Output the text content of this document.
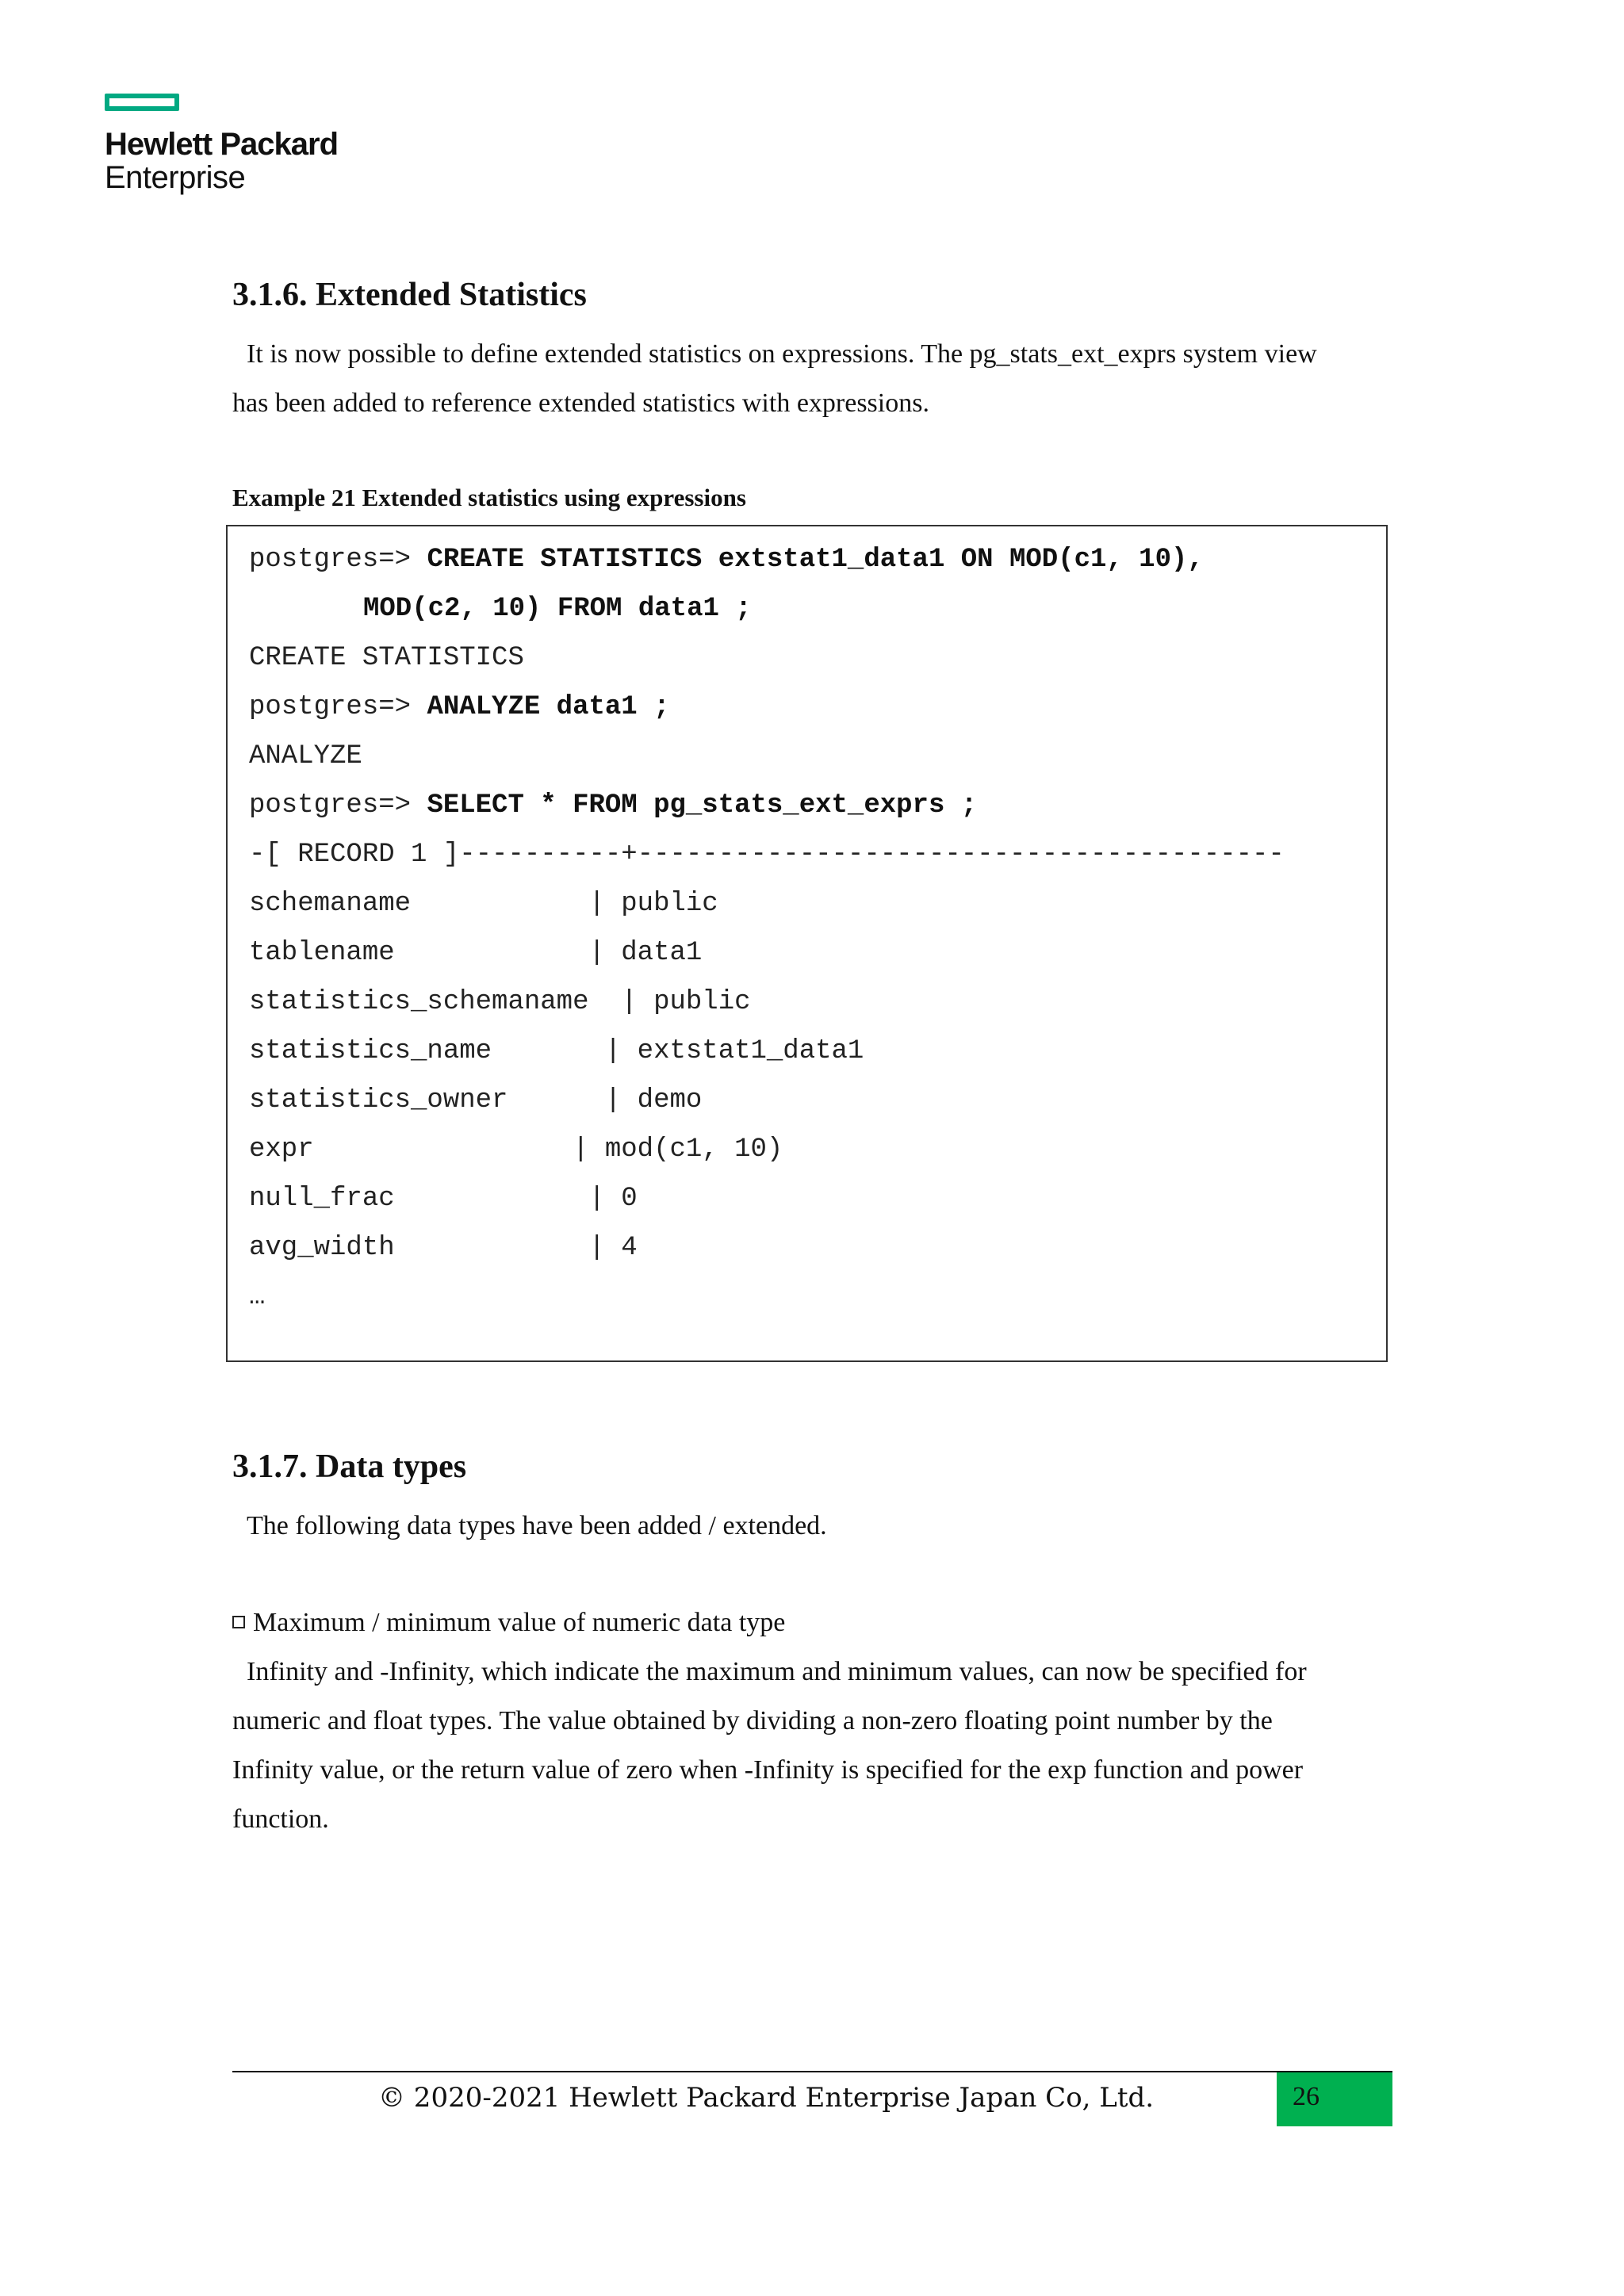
Hewlett Packard
Enterprise
3.1.6. Extended Statistics
It is now possible to define extended statistics on expressions. The pg_stats_ext_exprs system view
has been added to reference extended statistics with expressions.
Example 21 Extended statistics using expressions
postgres=> CREATE STATISTICS extstat1_data1 ON MOD(c1, 10),
MOD(c2, 10) FROM data1 ;
CREATE STATISTICS
postgres=> ANALYZE data1 ;
ANALYZE
postgres=> SELECT * FROM pg_stats_ext_exprs ;
-[ RECORD 1 ]----------+----------------------------------------
schemaname           | public
tablename            | data1
statistics_schemaname  | public
statistics_name       | extstat1_data1
statistics_owner      | demo
expr                | mod(c1, 10)
null_frac            | 0
avg_width            | 4
…
3.1.7. Data types
The following data types have been added / extended.
Maximum / minimum value of numeric data type
Infinity and -Infinity, which indicate the maximum and minimum values, can now be specified for
numeric and float types. The value obtained by dividing a non-zero floating point number by the
Infinity value, or the return value of zero when -Infinity is specified for the exp function and power
function.
© 2020-2021 Hewlett Packard Enterprise Japan Co, Ltd.	26
